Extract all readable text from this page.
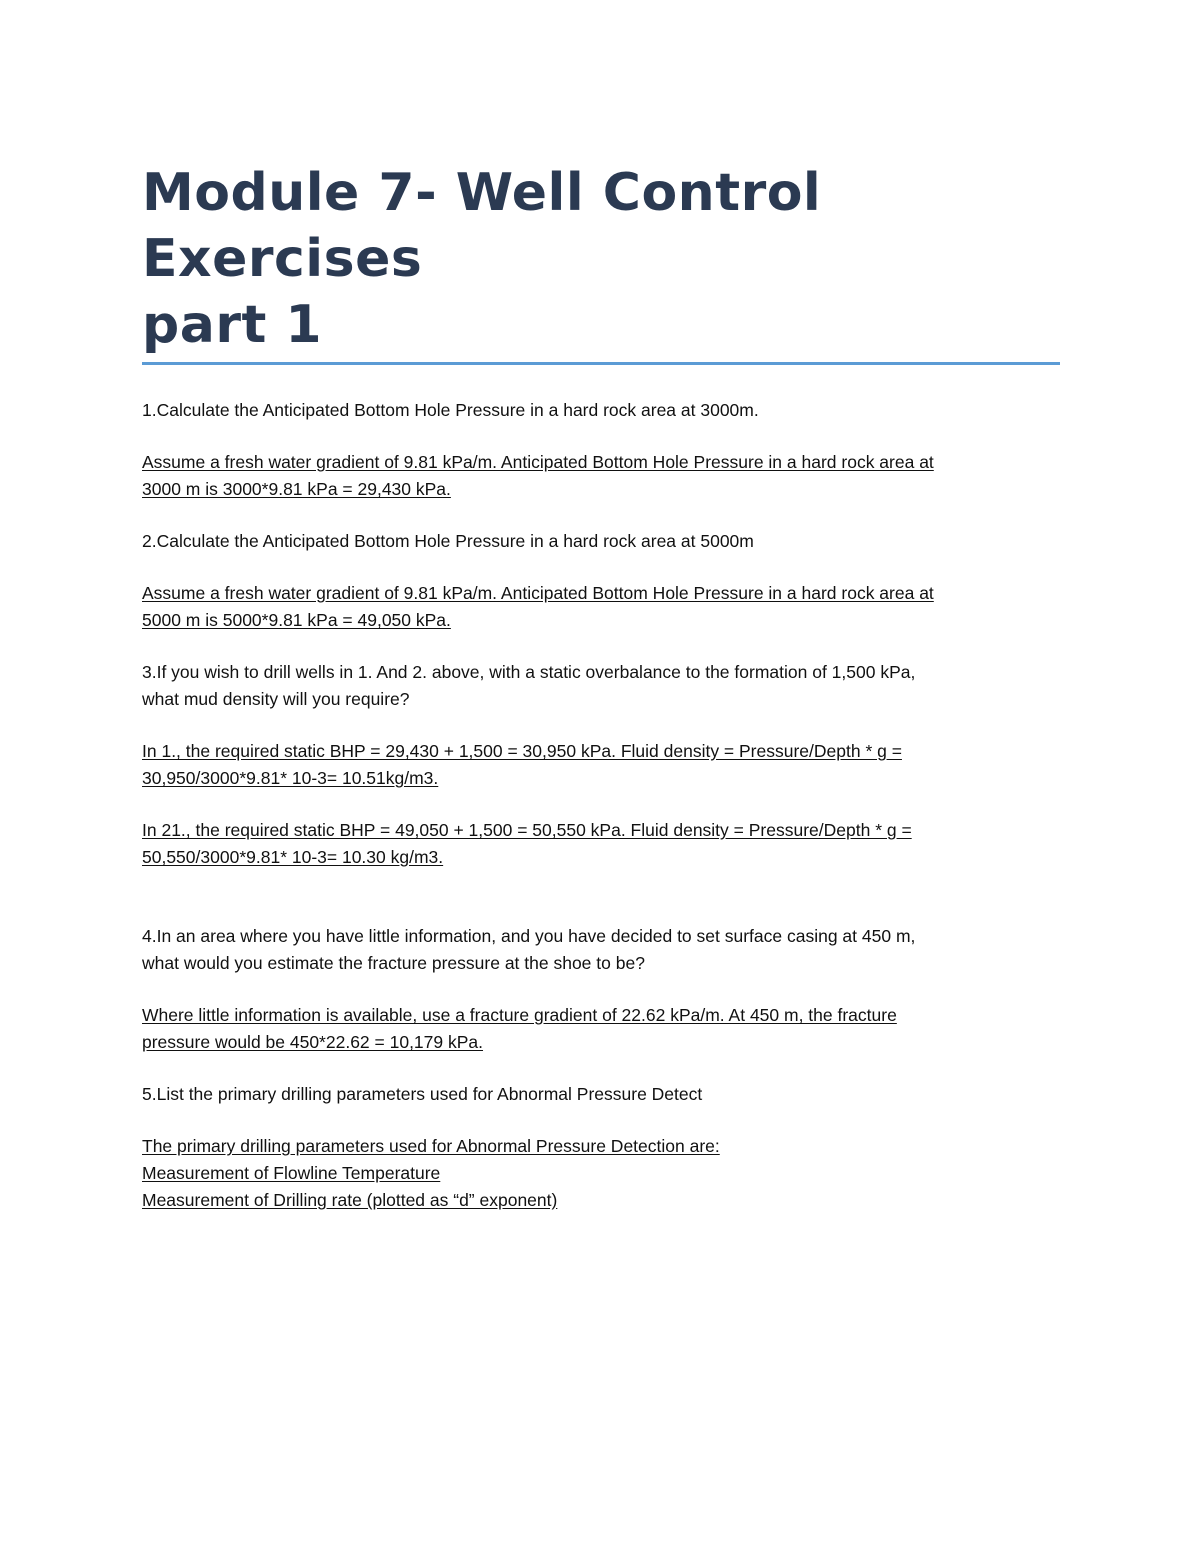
Module 7- Well Control Exercises
part 1

1.Calculate the Anticipated Bottom Hole Pressure in a hard rock area at 3000m.

Assume a fresh water gradient of 9.81 kPa/m. Anticipated Bottom Hole Pressure in a hard rock area at
3000 m is 3000*9.81 kPa = 29,430 kPa.

2.Calculate the Anticipated Bottom Hole Pressure in a hard rock area at 5000m

Assume a fresh water gradient of 9.81 kPa/m. Anticipated Bottom Hole Pressure in a hard rock area at
5000 m is 5000*9.81 kPa = 49,050 kPa.
3.If you wish to drill wells in 1. And 2. above, with a static overbalance to the formation of 1,500 kPa,
what mud density will you require?
In 1., the required static BHP = 29,430 + 1,500 = 30,950 kPa. Fluid density = Pressure/Depth * g =
30,950/3000*9.81* 10-3= 10.51kg/m3.
In 21., the required static BHP = 49,050 + 1,500 = 50,550 kPa. Fluid density = Pressure/Depth * g =
50,550/3000*9.81* 10-3= 10.30 kg/m3.
4.In an area where you have little information, and you have decided to set surface casing at 450 m,
what would you estimate the fracture pressure at the shoe to be?
Where little information is available, use a fracture gradient of 22.62 kPa/m. At 450 m, the fracture
pressure would be 450*22.62 = 10,179 kPa.

5.List the primary drilling parameters used for Abnormal Pressure Detect

The primary drilling parameters used for Abnormal Pressure Detection are:
Measurement of Flowline Temperature
Measurement of Drilling rate (plotted as “d” exponent)
